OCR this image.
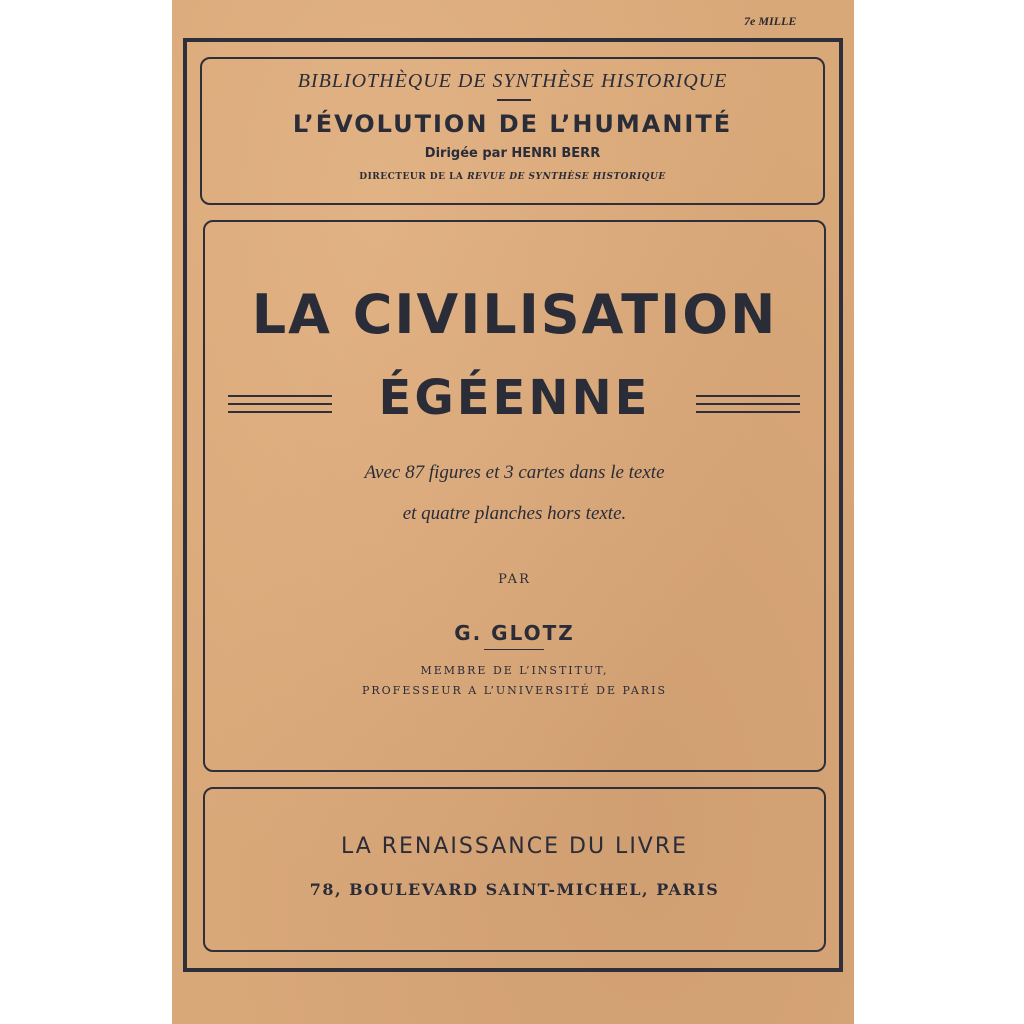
7e MILLE
BIBLIOTHÈQUE DE SYNTHÈSE HISTORIQUE
L’ÉVOLUTION DE L’HUMANITÉ
Dirigée par HENRI BERR
DIRECTEUR DE LA REVUE DE SYNTHÈSE HISTORIQUE
LA CIVILISATION
ÉGÉENNE
Avec 87 figures et 3 cartes dans le texte
et quatre planches hors texte.
PAR
G. GLOTZ
MEMBRE DE L’INSTITUT,
PROFESSEUR A L’UNIVERSITÉ DE PARIS
LA RENAISSANCE DU LIVRE
78, BOULEVARD SAINT-MICHEL, PARIS
